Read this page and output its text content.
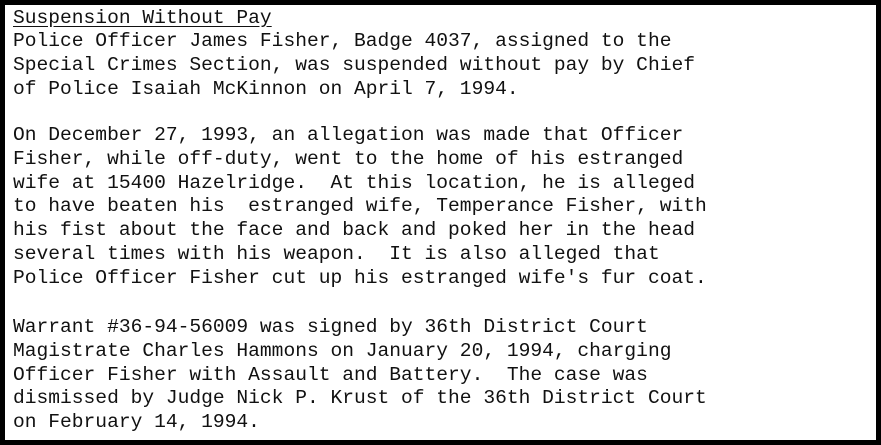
Suspension Without Pay
Police Officer James Fisher, Badge 4037, assigned to the
Special Crimes Section, was suspended without pay by Chief
of Police Isaiah McKinnon on April 7, 1994.
On December 27, 1993, an allegation was made that Officer
Fisher, while off-duty, went to the home of his estranged
wife at 15400 Hazelridge.  At this location, he is alleged
to have beaten his  estranged wife, Temperance Fisher, with
his fist about the face and back and poked her in the head
several times with his weapon.  It is also alleged that
Police Officer Fisher cut up his estranged wife's fur coat.
Warrant #36-94-56009 was signed by 36th District Court
Magistrate Charles Hammons on January 20, 1994, charging
Officer Fisher with Assault and Battery.  The case was
dismissed by Judge Nick P. Krust of the 36th District Court
on February 14, 1994.
